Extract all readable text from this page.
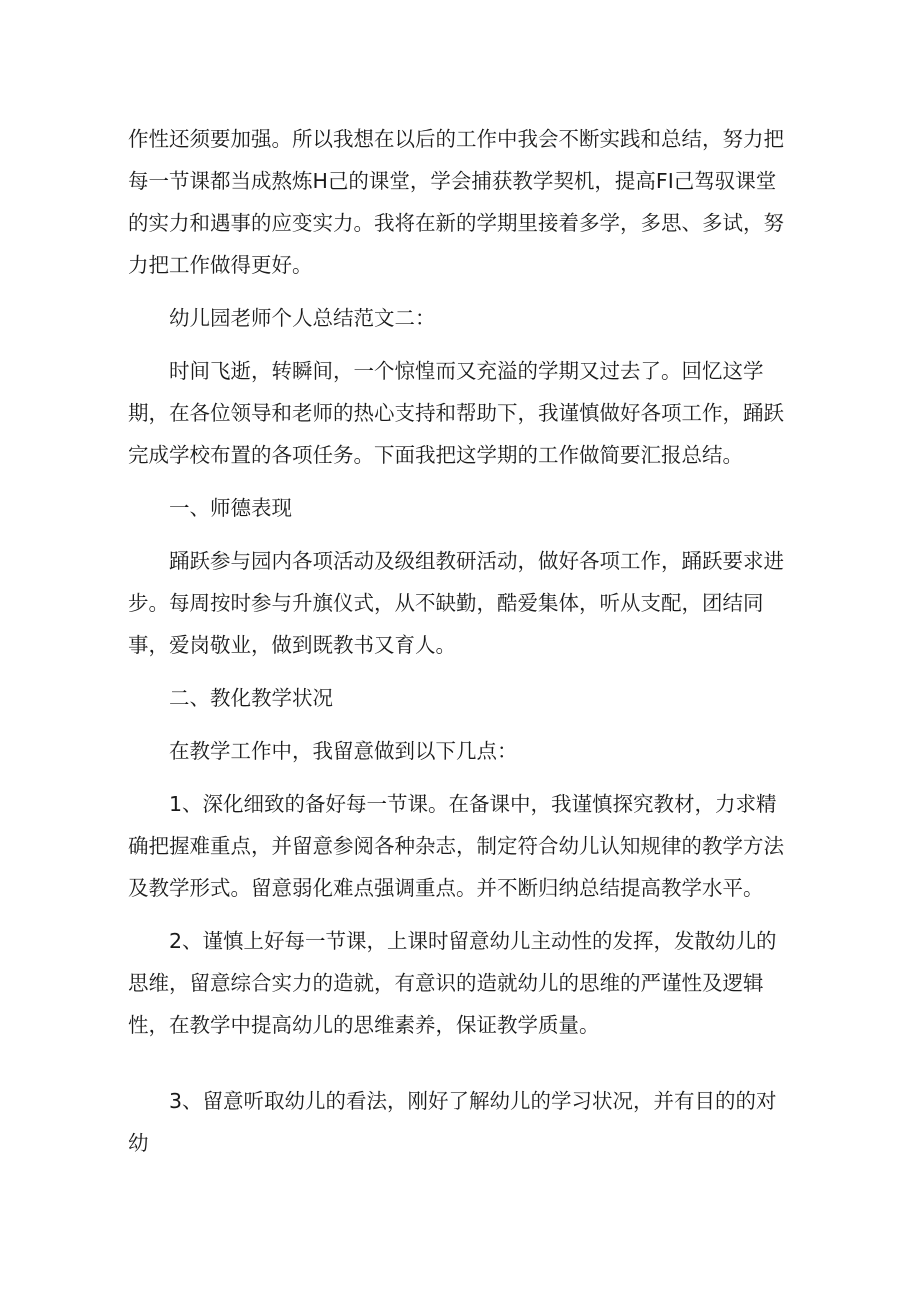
作性还须要加强。所以我想在以后的工作中我会不断实践和总结，努力把每一节课都当成熬炼H己的课堂，学会捕获教学契机，提高FI己驾驭课堂的实力和遇事的应变实力。我将在新的学期里接着多学，多思、多试，努力把工作做得更好。

幼儿园老师个人总结范文二：

时间飞逝，转瞬间，一个惊惶而又充溢的学期又过去了。回忆这学期，在各位领导和老师的热心支持和帮助下，我谨慎做好各项工作，踊跃完成学校布置的各项任务。下面我把这学期的工作做简要汇报总结。

一、师德表现

踊跃参与园内各项活动及级组教研活动，做好各项工作，踊跃要求进步。每周按时参与升旗仪式，从不缺勤，酷爱集体，听从支配，团结同事，爱岗敬业，做到既教书又育人。

二、教化教学状况

在教学工作中，我留意做到以下几点：

1、深化细致的备好每一节课。在备课中，我谨慎探究教材，力求精确把握难重点，并留意参阅各种杂志，制定符合幼儿认知规律的教学方法及教学形式。留意弱化难点强调重点。并不断归纳总结提高教学水平。

2、谨慎上好每一节课，上课时留意幼儿主动性的发挥，发散幼儿的思维，留意综合实力的造就，有意识的造就幼儿的思维的严谨性及逻辑性，在教学中提高幼儿的思维素养，保证教学质量。

3、留意听取幼儿的看法，刚好了解幼儿的学习状况，并有目的的对幼
